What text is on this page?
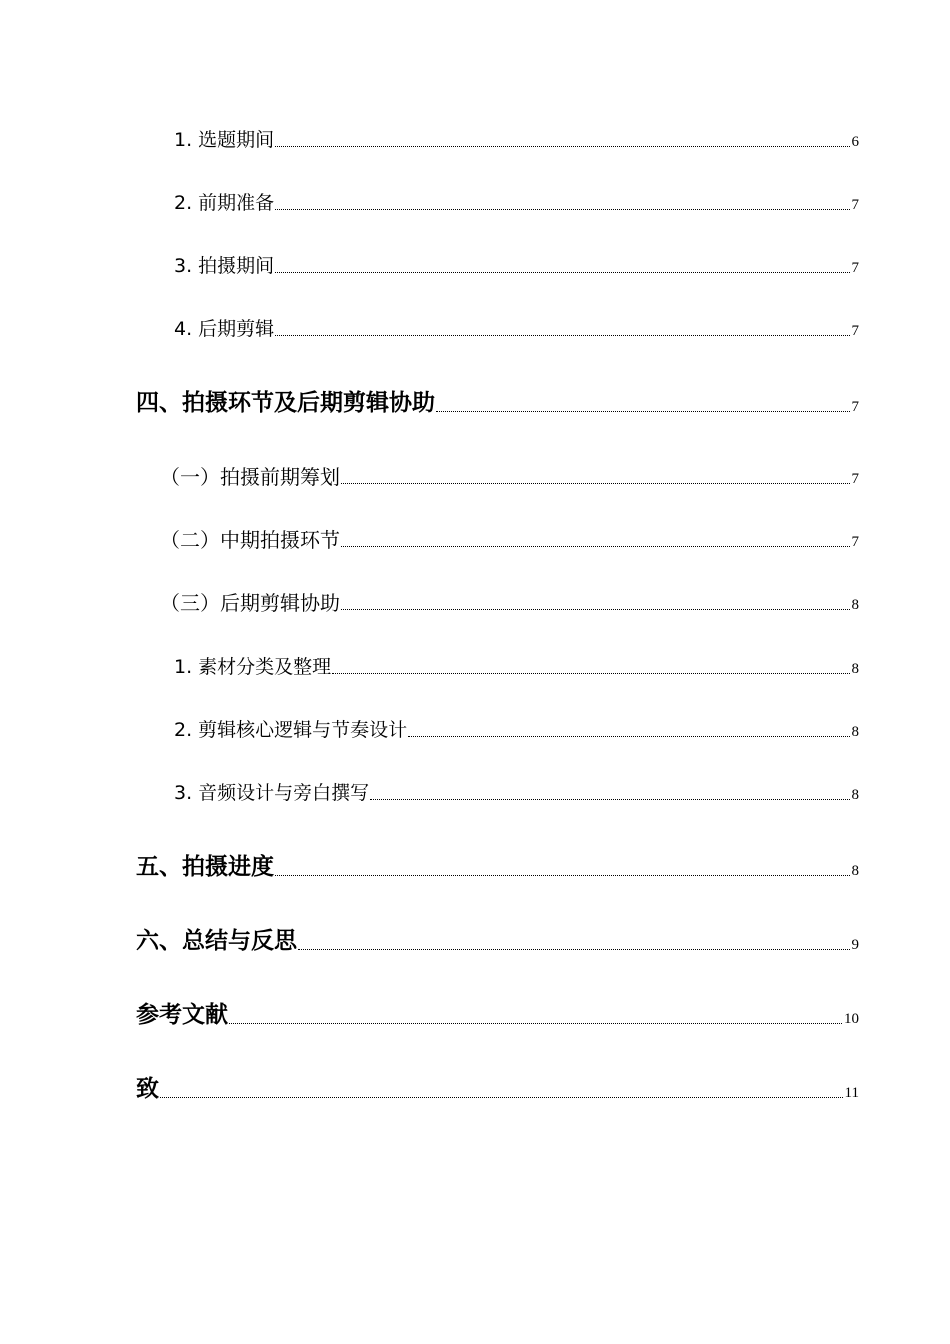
1. 选题期间	6
2. 前期准备	7
3. 拍摄期间	7
4. 后期剪辑	7
四、拍摄环节及后期剪辑协助	7
（一）拍摄前期筹划	7
（二）中期拍摄环节	7
（三）后期剪辑协助	8
1. 素材分类及整理	8
2. 剪辑核心逻辑与节奏设计	8
3. 音频设计与旁白撰写	8
五、拍摄进度	8
六、总结与反思	9
参考文献	10
致	11
